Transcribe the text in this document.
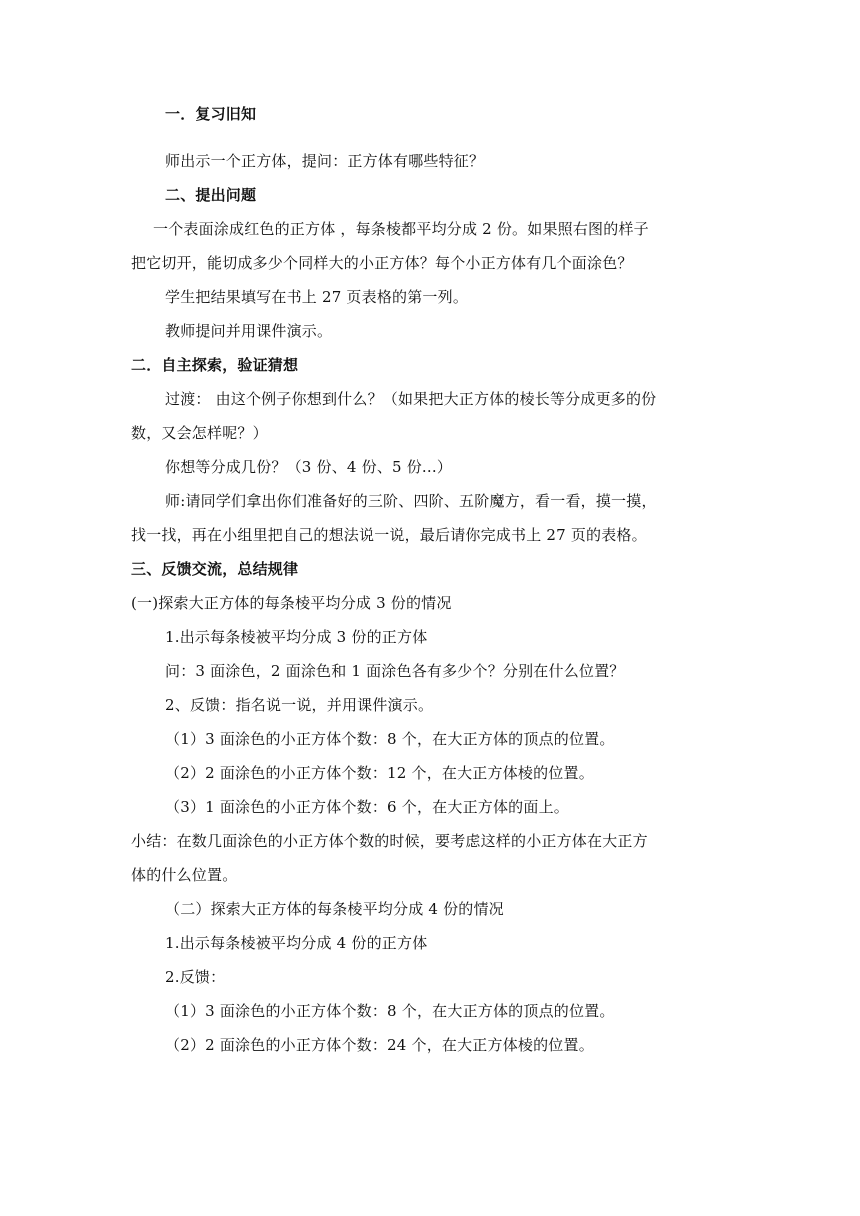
一．复习旧知
师出示一个正方体，提问：正方体有哪些特征？
二、提出问题
一个表面涂成红色的正方体 ，每条棱都平均分成 2 份。如果照右图的样子
把它切开，能切成多少个同样大的小正方体？每个小正方体有几个面涂色？
学生把结果填写在书上 27 页表格的第一列。
教师提问并用课件演示。
二．自主探索，验证猜想
过渡： 由这个例子你想到什么？（如果把大正方体的棱长等分成更多的份
数，又会怎样呢？）
你想等分成几份？（3 份、4 份、5 份...）
师:请同学们拿出你们准备好的三阶、四阶、五阶魔方，看一看，摸一摸，
找一找，再在小组里把自己的想法说一说，最后请你完成书上 27 页的表格。
三、反馈交流，总结规律
(一)探索大正方体的每条棱平均分成 3 份的情况
1.出示每条棱被平均分成 3 份的正方体
问：3 面涂色，2 面涂色和 1 面涂色各有多少个？分别在什么位置？
2、反馈：指名说一说，并用课件演示。
（1）3 面涂色的小正方体个数：8 个，在大正方体的顶点的位置。
（2）2 面涂色的小正方体个数：12 个，在大正方体棱的位置。
（3）1 面涂色的小正方体个数：6 个，在大正方体的面上。
小结：在数几面涂色的小正方体个数的时候，要考虑这样的小正方体在大正方
体的什么位置。
（二）探索大正方体的每条棱平均分成 4 份的情况
1.出示每条棱被平均分成 4 份的正方体
2.反馈：
（1）3 面涂色的小正方体个数：8 个，在大正方体的顶点的位置。
（2）2 面涂色的小正方体个数：24 个，在大正方体棱的位置。
